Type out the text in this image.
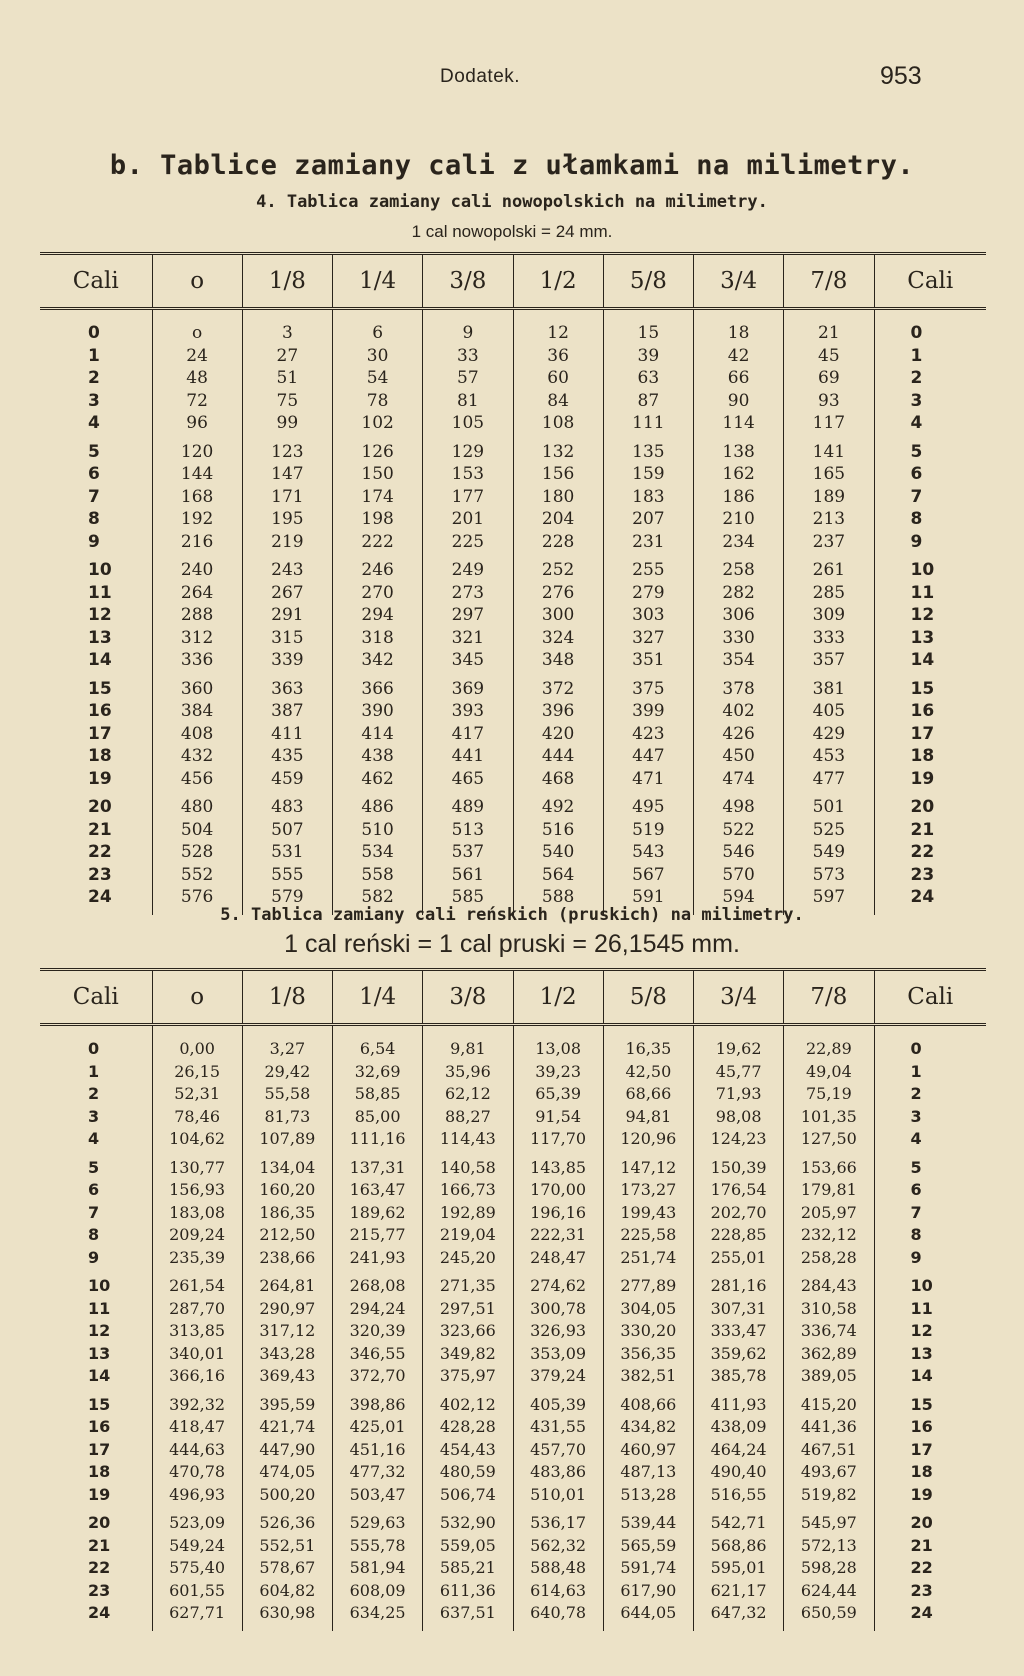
Dodatek.	953
b. Tablice zamiany cali z ułamkami na milimetry.
4. Tablica zamiany cali nowopolskich na milimetry.
1 cal nowopolski = 24 mm.
Cali	o	1/8	1/4	3/8	1/2	5/8	3/4	7/8	Cali
0	o	3	6	9	12	15	18	21	0
1	24	27	30	33	36	39	42	45	1
2	48	51	54	57	60	63	66	69	2
3	72	75	78	81	84	87	90	93	3
4	96	99	102	105	108	111	114	117	4
5	120	123	126	129	132	135	138	141	5
6	144	147	150	153	156	159	162	165	6
7	168	171	174	177	180	183	186	189	7
8	192	195	198	201	204	207	210	213	8
9	216	219	222	225	228	231	234	237	9
10	240	243	246	249	252	255	258	261	10
11	264	267	270	273	276	279	282	285	11
12	288	291	294	297	300	303	306	309	12
13	312	315	318	321	324	327	330	333	13
14	336	339	342	345	348	351	354	357	14
15	360	363	366	369	372	375	378	381	15
16	384	387	390	393	396	399	402	405	16
17	408	411	414	417	420	423	426	429	17
18	432	435	438	441	444	447	450	453	18
19	456	459	462	465	468	471	474	477	19
20	480	483	486	489	492	495	498	501	20
21	504	507	510	513	516	519	522	525	21
22	528	531	534	537	540	543	546	549	22
23	552	555	558	561	564	567	570	573	23
24	576	579	582	585	588	591	594	597	24
5. Tablica zamiany cali reńskich (pruskich) na milimetry.
1 cal reński = 1 cal pruski = 26,1545 mm.
Cali	o	1/8	1/4	3/8	1/2	5/8	3/4	7/8	Cali
0	0,00	3,27	6,54	9,81	13,08	16,35	19,62	22,89	0
1	26,15	29,42	32,69	35,96	39,23	42,50	45,77	49,04	1
2	52,31	55,58	58,85	62,12	65,39	68,66	71,93	75,19	2
3	78,46	81,73	85,00	88,27	91,54	94,81	98,08	101,35	3
4	104,62	107,89	111,16	114,43	117,70	120,96	124,23	127,50	4
5	130,77	134,04	137,31	140,58	143,85	147,12	150,39	153,66	5
6	156,93	160,20	163,47	166,73	170,00	173,27	176,54	179,81	6
7	183,08	186,35	189,62	192,89	196,16	199,43	202,70	205,97	7
8	209,24	212,50	215,77	219,04	222,31	225,58	228,85	232,12	8
9	235,39	238,66	241,93	245,20	248,47	251,74	255,01	258,28	9
10	261,54	264,81	268,08	271,35	274,62	277,89	281,16	284,43	10
11	287,70	290,97	294,24	297,51	300,78	304,05	307,31	310,58	11
12	313,85	317,12	320,39	323,66	326,93	330,20	333,47	336,74	12
13	340,01	343,28	346,55	349,82	353,09	356,35	359,62	362,89	13
14	366,16	369,43	372,70	375,97	379,24	382,51	385,78	389,05	14
15	392,32	395,59	398,86	402,12	405,39	408,66	411,93	415,20	15
16	418,47	421,74	425,01	428,28	431,55	434,82	438,09	441,36	16
17	444,63	447,90	451,16	454,43	457,70	460,97	464,24	467,51	17
18	470,78	474,05	477,32	480,59	483,86	487,13	490,40	493,67	18
19	496,93	500,20	503,47	506,74	510,01	513,28	516,55	519,82	19
20	523,09	526,36	529,63	532,90	536,17	539,44	542,71	545,97	20
21	549,24	552,51	555,78	559,05	562,32	565,59	568,86	572,13	21
22	575,40	578,67	581,94	585,21	588,48	591,74	595,01	598,28	22
23	601,55	604,82	608,09	611,36	614,63	617,90	621,17	624,44	23
24	627,71	630,98	634,25	637,51	640,78	644,05	647,32	650,59	24
